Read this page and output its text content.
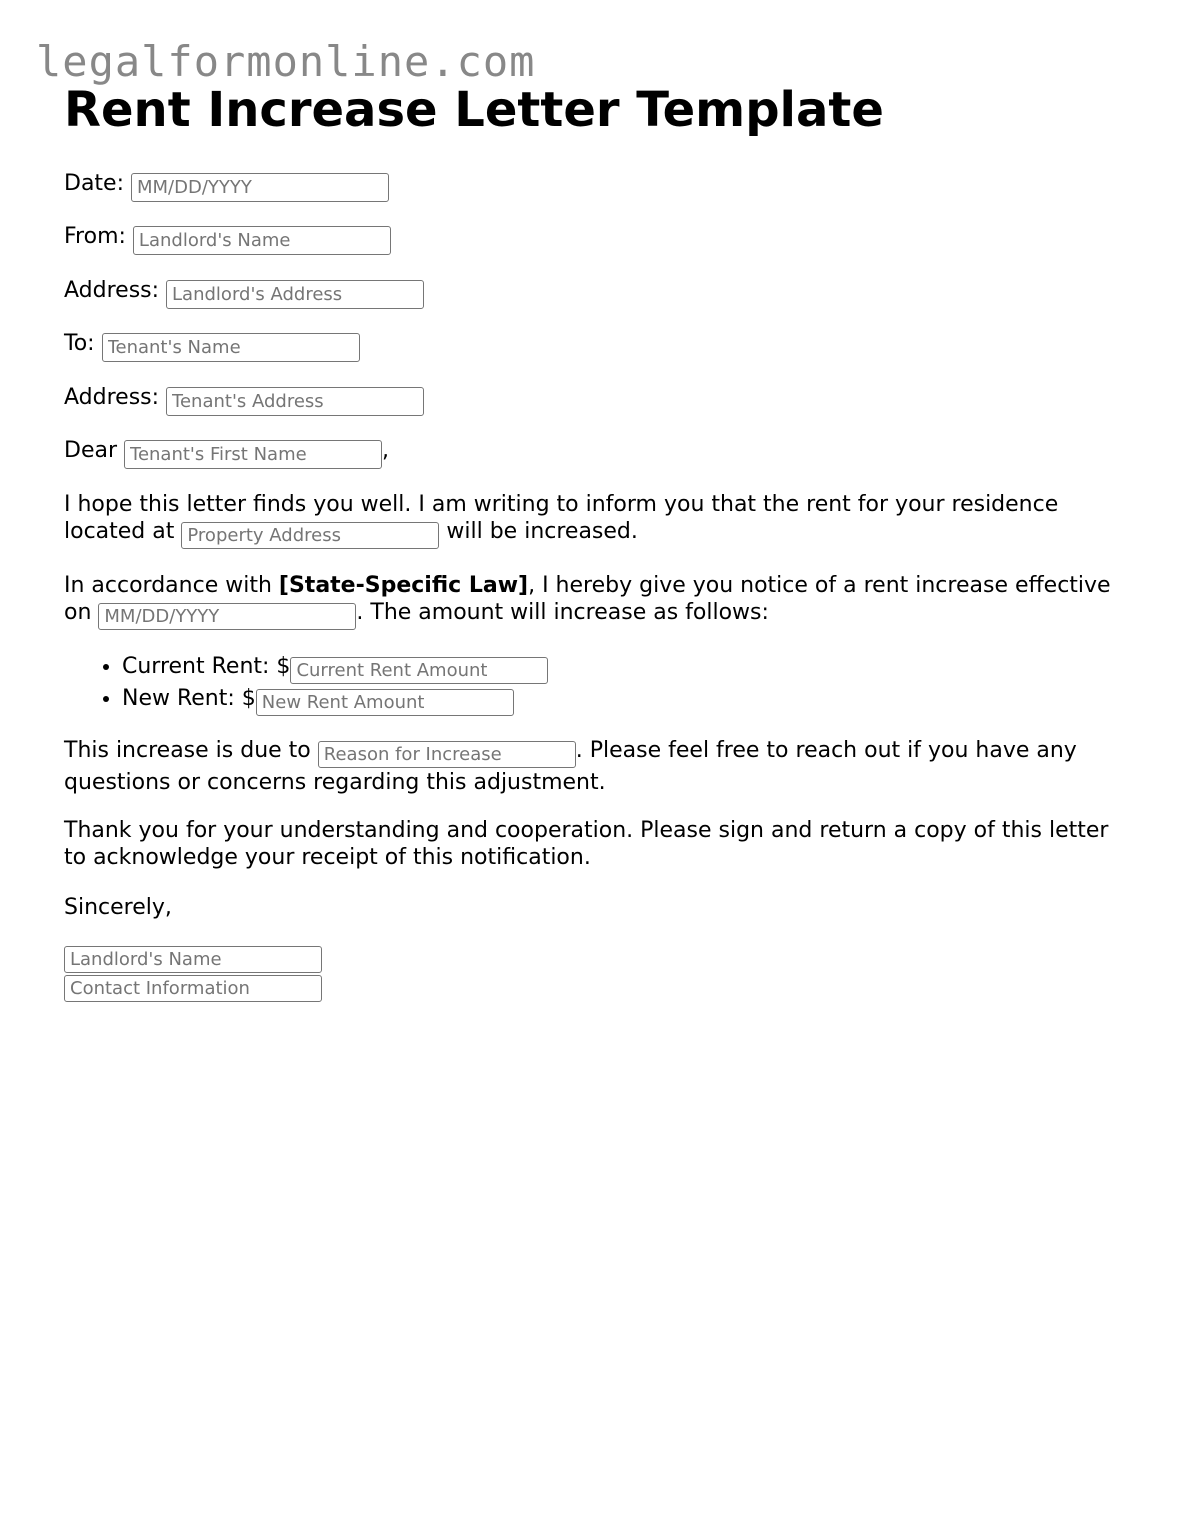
legalformonline.com
Rent Increase Letter Template
Date: MM/DD/YYYY
From: Landlord's Name
Address: Landlord's Address
To: Tenant's Name
Address: Tenant's Address
Dear Tenant's First Name	,

I hope this letter finds you well. I am writing to inform you that the rent for your residence located at Property Address	will be increased.

In accordance with [State-Specific Law], I hereby give you notice of a rent increase effective on MM/DD/YYYY	. The amount will increase as follows:

• Current Rent: $Current Rent Amount
• New Rent: $New Rent Amount

This increase is due to Reason for Increase	. Please feel free to reach out if you have any questions or concerns regarding this adjustment.

Thank you for your understanding and cooperation. Please sign and return a copy of this letter to acknowledge your receipt of this notification.

Sincerely,
Landlord's Name
Contact Information
